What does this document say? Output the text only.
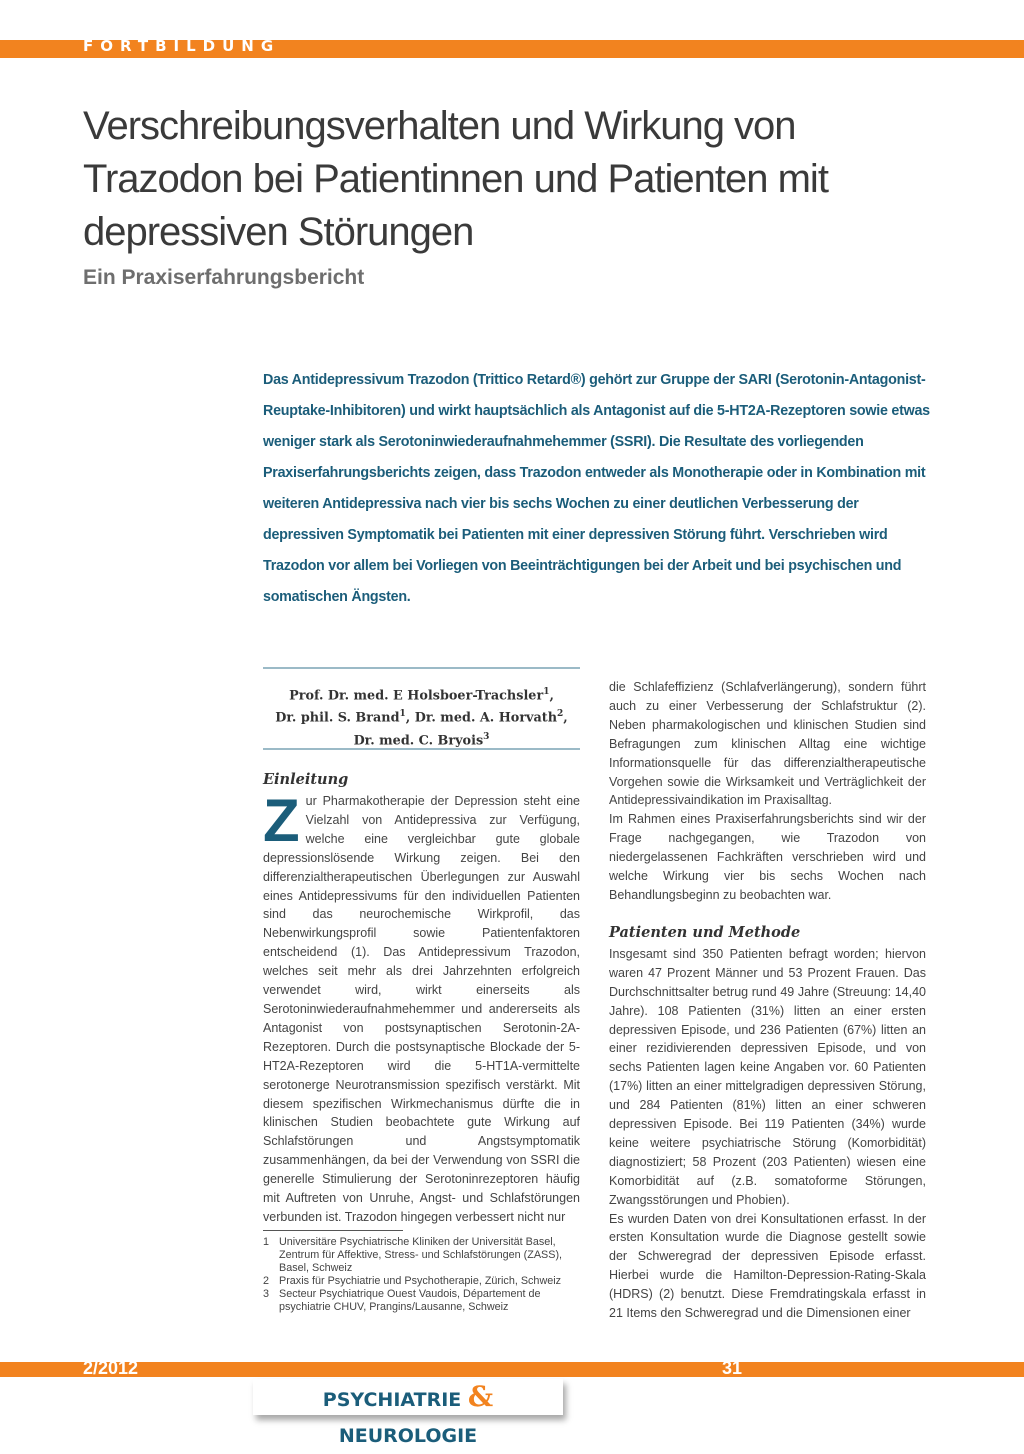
FORTBILDUNG
Verschreibungsverhalten und Wirkung von Trazodon bei Patientinnen und Patienten mit depressiven Störungen
Ein Praxiserfahrungsbericht

Das Antidepressivum Trazodon (Trittico Retard®) gehört zur Gruppe der SARI (Serotonin-Antagonist-Reuptake-Inhibitoren) und wirkt hauptsächlich als Antagonist auf die 5-HT2A-Rezeptoren sowie etwas weniger stark als Serotoninwiederaufnahmehemmer (SSRI). Die Resultate des vorliegenden Praxiserfahrungsberichts zeigen, dass Trazodon entweder als Monotherapie oder in Kombination mit weiteren Antidepressiva nach vier bis sechs Wochen zu einer deutlichen Verbesserung der depressiven Symptomatik bei Patienten mit einer depressiven Störung führt. Verschrieben wird Trazodon vor allem bei Vorliegen von Beeinträchtigungen bei der Arbeit und bei psychischen und somatischen Ängsten.

Prof. Dr. med. E Holsboer-Trachsler$^1$,
Dr. phil. S. Brand$^1$, Dr. med. A. Horvath$^2$,
Dr. med. C. Bryois$^3$

Einleitung

Zur Pharmakotherapie der Depression steht eine Vielzahl von Antidepressiva zur Verfügung, welche eine vergleichbar gute globale depressionslösende Wirkung zeigen. Bei den differenzialtherapeutischen Überlegungen zur Auswahl eines Antidepressivums für den individuellen Patienten sind das neurochemische Wirkprofil, das Nebenwirkungsprofil sowie Patientenfaktoren entscheidend (1). Das Antidepressivum Trazodon, welches seit mehr als drei Jahrzehnten erfolgreich verwendet wird, wirkt einerseits als Serotoninwiederaufnahmehemmer und andererseits als Antagonist von postsynaptischen Serotonin-2A-Rezeptoren. Durch die postsynaptische Blockade der 5-HT2A-Rezeptoren wird die 5-HT1A-vermittelte serotonerge Neurotransmission spezifisch verstärkt. Mit diesem spezifischen Wirkmechanismus dürfte die in klinischen Studien beobachtete gute Wirkung auf Schlafstörungen und Angstsymptomatik zusammenhängen, da bei der Verwendung von SSRI die generelle Stimulierung der Serotoninrezeptoren häufig mit Auftreten von Unruhe, Angst- und Schlafstörungen verbunden ist. Trazodon hingegen verbessert nicht nur

1 Universitäre Psychiatrische Kliniken der Universität Basel, Zentrum für Affektive, Stress- und Schlafstörungen (ZASS), Basel, Schweiz
2 Praxis für Psychiatrie und Psychotherapie, Zürich, Schweiz
3 Secteur Psychiatrique Ouest Vaudois, Département de psychiatrie CHUV, Prangins/Lausanne, Schweiz

die Schlafeffizienz (Schlafverlängerung), sondern führt auch zu einer Verbesserung der Schlafstruktur (2). Neben pharmakologischen und klinischen Studien sind Befragungen zum klinischen Alltag eine wichtige Informationsquelle für das differenzialtherapeutische Vorgehen sowie die Wirksamkeit und Verträglichkeit der Antidepressivaindikation im Praxisalltag.

Im Rahmen eines Praxiserfahrungsberichts sind wir der Frage nachgegangen, wie Trazodon von niedergelassenen Fachkräften verschrieben wird und welche Wirkung vier bis sechs Wochen nach Behandlungsbeginn zu beobachten war.

Patienten und Methode

Insgesamt sind 350 Patienten befragt worden; hiervon waren 47 Prozent Männer und 53 Prozent Frauen. Das Durchschnittsalter betrug rund 49 Jahre (Streuung: 14,40 Jahre). 108 Patienten (31%) litten an einer ersten depressiven Episode, und 236 Patienten (67%) litten an einer rezidivierenden depressiven Episode, und von sechs Patienten lagen keine Angaben vor. 60 Patienten (17%) litten an einer mittelgradigen depressiven Störung, und 284 Patienten (81%) litten an einer schweren depressiven Episode. Bei 119 Patienten (34%) wurde keine weitere psychiatrische Störung (Komorbidität) diagnostiziert; 58 Prozent (203 Patienten) wiesen eine Komorbidität auf (z.B. somatoforme Störungen, Zwangsstörungen und Phobien).

Es wurden Daten von drei Konsultationen erfasst. In der ersten Konsultation wurde die Diagnose gestellt sowie der Schweregrad der depressiven Episode erfasst. Hierbei wurde die Hamilton-Depression-Rating-Skala (HDRS) (2) benutzt. Diese Fremdratingskala erfasst in 21 Items den Schweregrad und die Dimensionen einer

2/2012	31
PSYCHIATRIE & NEUROLOGIE
